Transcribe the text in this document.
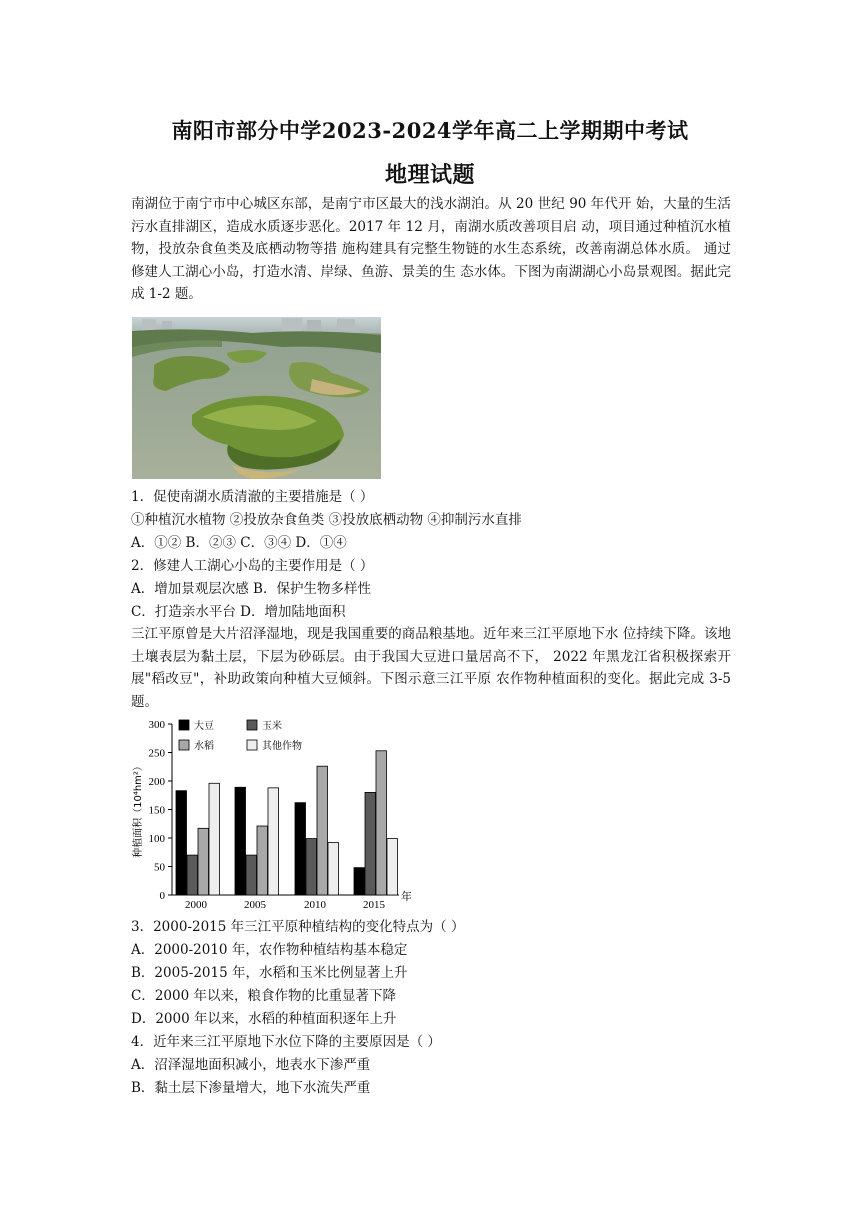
南阳市部分中学2023-2024学年高二上学期期中考试
地理试题
南湖位于南宁市中心城区东部，是南宁市区最大的浅水湖泊。从 20 世纪 90 年代开 始，大量的生活污水直排湖区，造成水质逐步恶化。2017 年 12 月，南湖水质改善项目启 动，项目通过种植沉水植物，投放杂食鱼类及底栖动物等措 施构建具有完整生物链的水生态系统，改善南湖总体水质。 通过修建人工湖心小岛，打造水清、岸绿、鱼游、景美的生 态水体。下图为南湖湖心小岛景观图。据此完成 1-2 题。
1．促使南湖水质清澈的主要措施是（ ）
①种植沉水植物 ②投放杂食鱼类 ③投放底栖动物 ④抑制污水直排
A．①② B．②③ C．③④ D．①④
2．修建人工湖心小岛的主要作用是（ ）
A．增加景观层次感 B．保护生物多样性
C．打造亲水平台 D．增加陆地面积
三江平原曾是大片沼泽湿地，现是我国重要的商品粮基地。近年来三江平原地下水 位持续下降。该地土壤表层为黏土层，下层为砂砾层。由于我国大豆进口量居高不下， 2022 年黑龙江省积极探索开展"稻改豆"，补助政策向种植大豆倾斜。下图示意三江平原 农作物种植面积的变化。据此完成 3-5 题。
0
50
100
150
200
250
300
种植面积（10⁴hm²）
2000	2005	2010	2015
年
大豆	玉米
水稻	其他作物
3．2000-2015 年三江平原种植结构的变化特点为（ ）
A．2000-2010 年，农作物种植结构基本稳定
B．2005-2015 年，水稻和玉米比例显著上升
C．2000 年以来，粮食作物的比重显著下降
D．2000 年以来，水稻的种植面积逐年上升
4．近年来三江平原地下水位下降的主要原因是（ ）
A．沼泽湿地面积减小，地表水下渗严重
B．黏土层下渗量增大，地下水流失严重
